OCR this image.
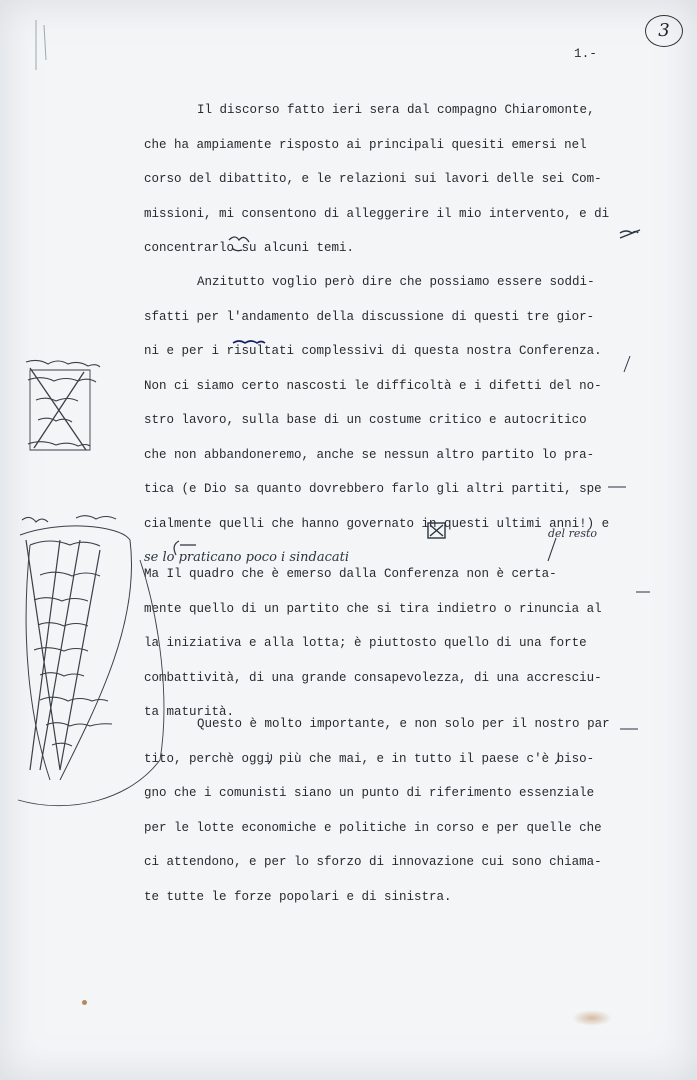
3
1.-
Il discorso fatto ieri sera dal compagno Chiaromonte,
che ha ampiamente risposto ai principali quesiti emersi nel
corso del dibattito, e le relazioni sui lavori delle sei Com-
missioni, mi consentono di alleggerire il mio intervento, e di
concentrarlo su alcuni temi.
Anzitutto voglio però dire che possiamo essere soddi-
sfatti per l'andamento della discussione di questi tre gior-
ni e per i risultati complessivi di questa nostra Conferenza.
Non ci siamo certo nascosti le difficoltà e i difetti del no-
stro lavoro, sulla base di un costume critico e autocritico
che non abbandoneremo, anche se nessun altro partito lo pra-
tica (e Dio sa quanto dovrebbero farlo gli altri partiti, spe
cialmente quelli che hanno governato in questi ultimi anni!) e
se lo praticano poco i sindacati
Ma Il quadro che è emerso dalla Conferenza non è certa-
mente quello di un partito che si tira indietro o rinuncia al
la iniziativa e alla lotta; è piuttosto quello di una forte
combattività, di una grande consapevolezza, di una accresciu-
ta maturità.
del resto
Questo è molto importante, e non solo per il nostro par
tito, perchè oggi più che mai, e in tutto il paese c'è biso-
gno che i comunisti siano un punto di riferimento essenziale
per le lotte economiche e politiche in corso e per quelle che
ci attendono, e per lo sforzo di innovazione cui sono chiama-
te tutte le forze popolari e di sinistra.
